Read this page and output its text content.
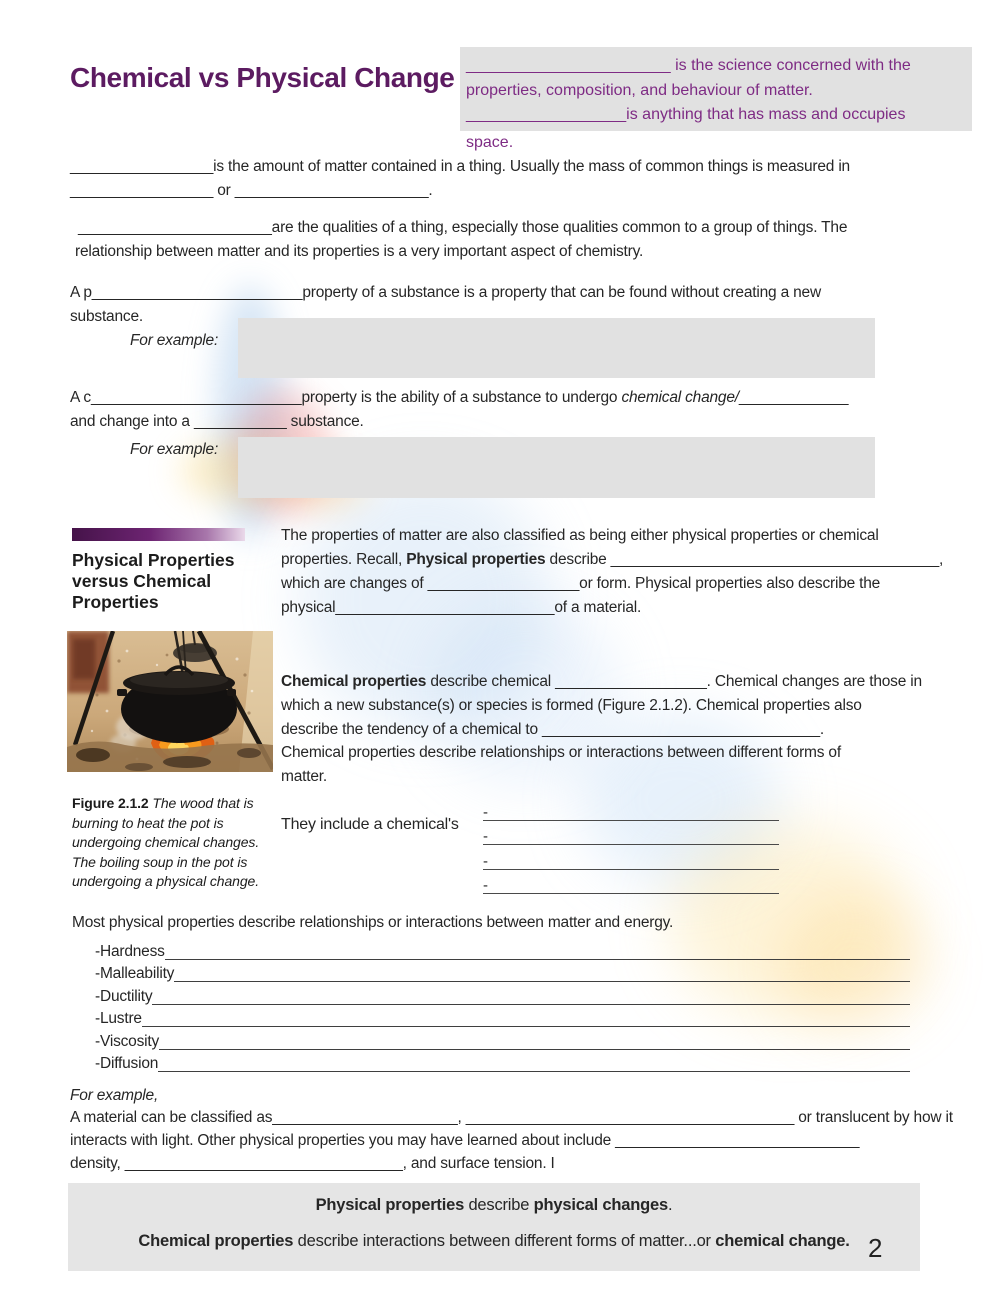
Chemical vs Physical Change _______________________ is the science concerned with the
properties, composition, and behaviour of matter.
__________________is anything that has mass and occupies
space.
_________________is the amount of matter contained in a thing. Usually the mass of common things is measured in
_________________ or _______________________.
_______________________are the qualities of a thing, especially those qualities common to a group of things. The
relationship between matter and its properties is a very important aspect of chemistry.
A p_________________________property of a substance is a property that can be found without creating a new
substance.
For example:
A c_________________________property is the ability of a substance to undergo chemical change/_____________
and change into a ___________ substance.
For example:
Physical Properties
versus Chemical
Properties
The properties of matter are also classified as being either physical properties or chemical
properties. Recall, Physical properties describe _______________________________________,
which are changes of __________________or form. Physical properties also describe the
physical__________________________of a material.
Figure 2.1.2 The wood that is burning to heat the pot is undergoing chemical changes. The boiling soup in the pot is undergoing a physical change.
Chemical properties describe chemical __________________. Chemical changes are those in
which a new substance(s) or species is formed (Figure 2.1.2). Chemical properties also
describe the tendency of a chemical to _________________________________.
Chemical properties describe relationships or interactions between different forms of
matter.
They include a chemical's
-
-
-
-
Most physical properties describe relationships or interactions between matter and energy.
-Hardness
-Malleability
-Ductility
-Lustre
-Viscosity
-Diffusion
For example,
A material can be classified as______________________, _______________________________________ or translucent by how it
interacts with light. Other physical properties you may have learned about include _____________________________
density, _________________________________, and surface tension. I
Physical properties describe physical changes.
Chemical properties describe interactions between different forms of matter...or chemical change. 2
